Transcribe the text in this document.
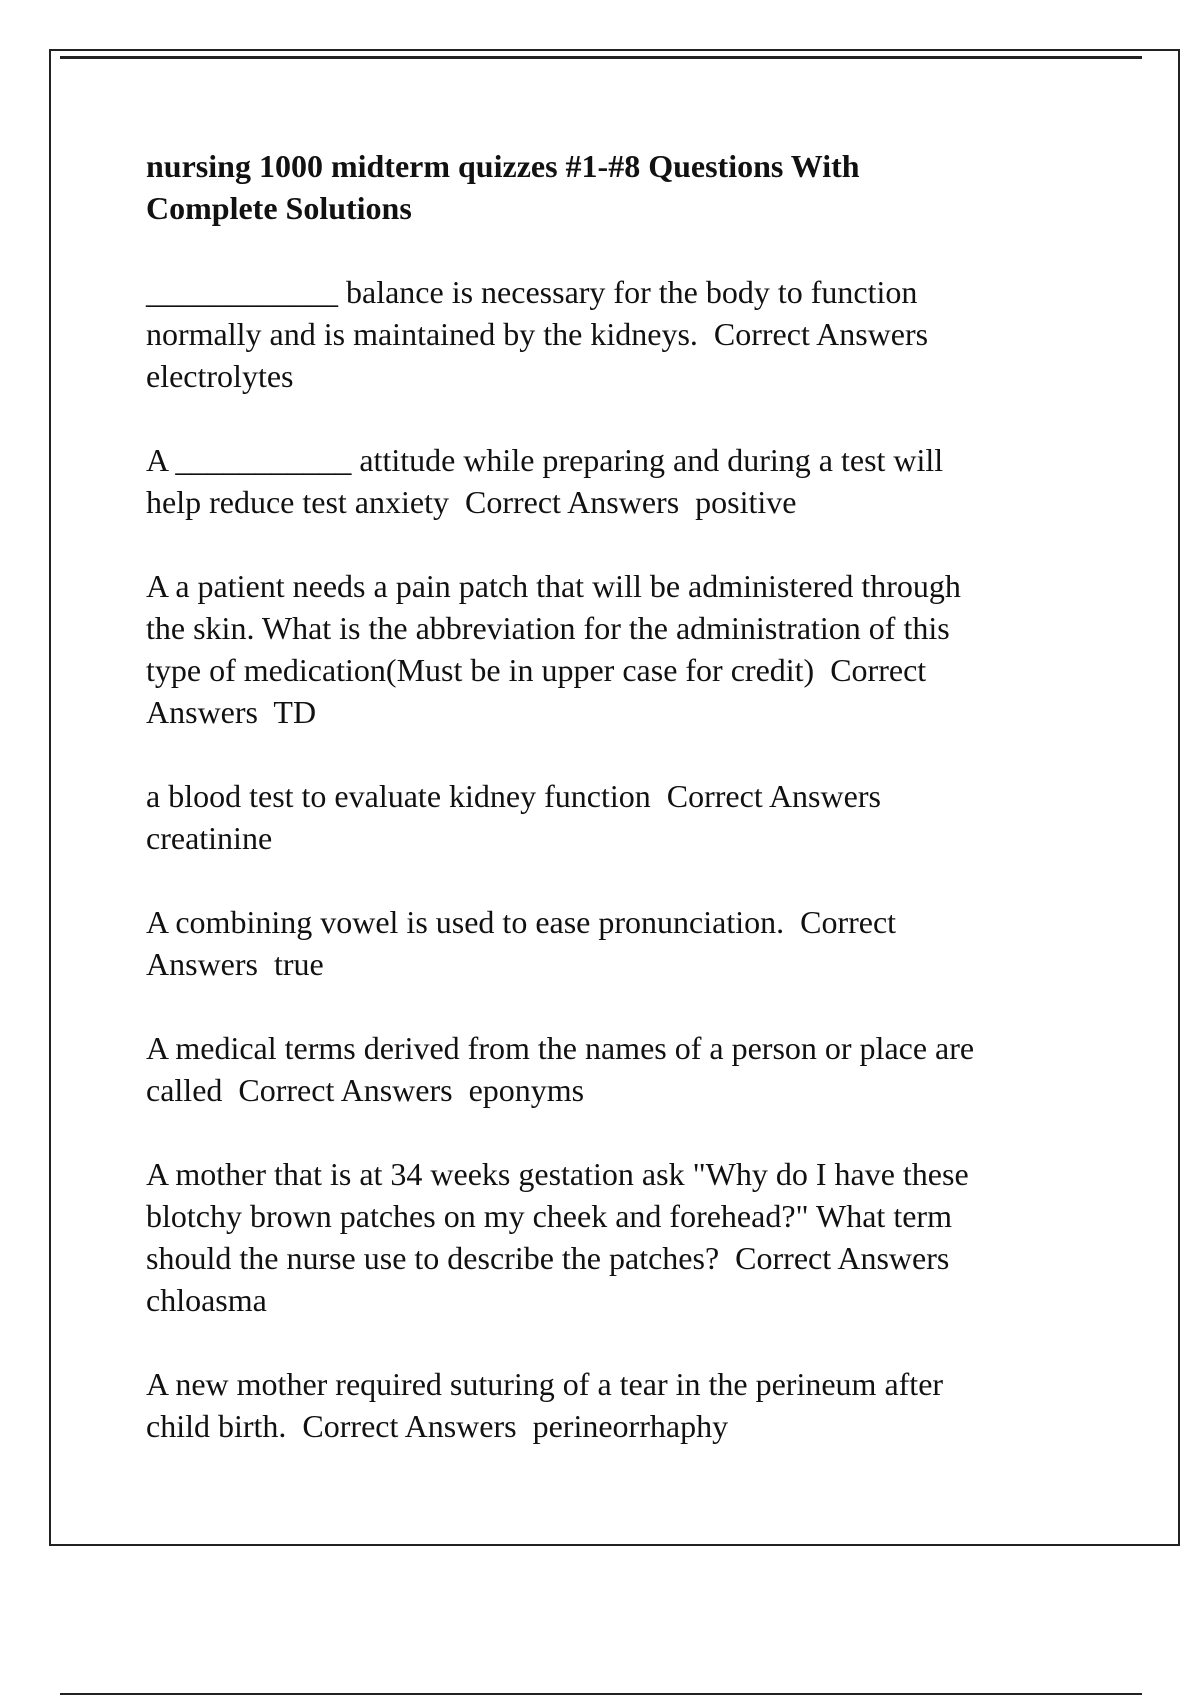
nursing 1000 midterm quizzes #1-#8 Questions With
Complete Solutions
____________ balance is necessary for the body to function
normally and is maintained by the kidneys.  Correct Answers
electrolytes
A ___________ attitude while preparing and during a test will
help reduce test anxiety  Correct Answers  positive
A a patient needs a pain patch that will be administered through
the skin. What is the abbreviation for the administration of this
type of medication(Must be in upper case for credit)  Correct
Answers  TD
a blood test to evaluate kidney function  Correct Answers
creatinine
A combining vowel is used to ease pronunciation.  Correct
Answers  true
A medical terms derived from the names of a person or place are
called  Correct Answers  eponyms
A mother that is at 34 weeks gestation ask "Why do I have these
blotchy brown patches on my cheek and forehead?" What term
should the nurse use to describe the patches?  Correct Answers
chloasma
A new mother required suturing of a tear in the perineum after
child birth.  Correct Answers  perineorrhaphy
